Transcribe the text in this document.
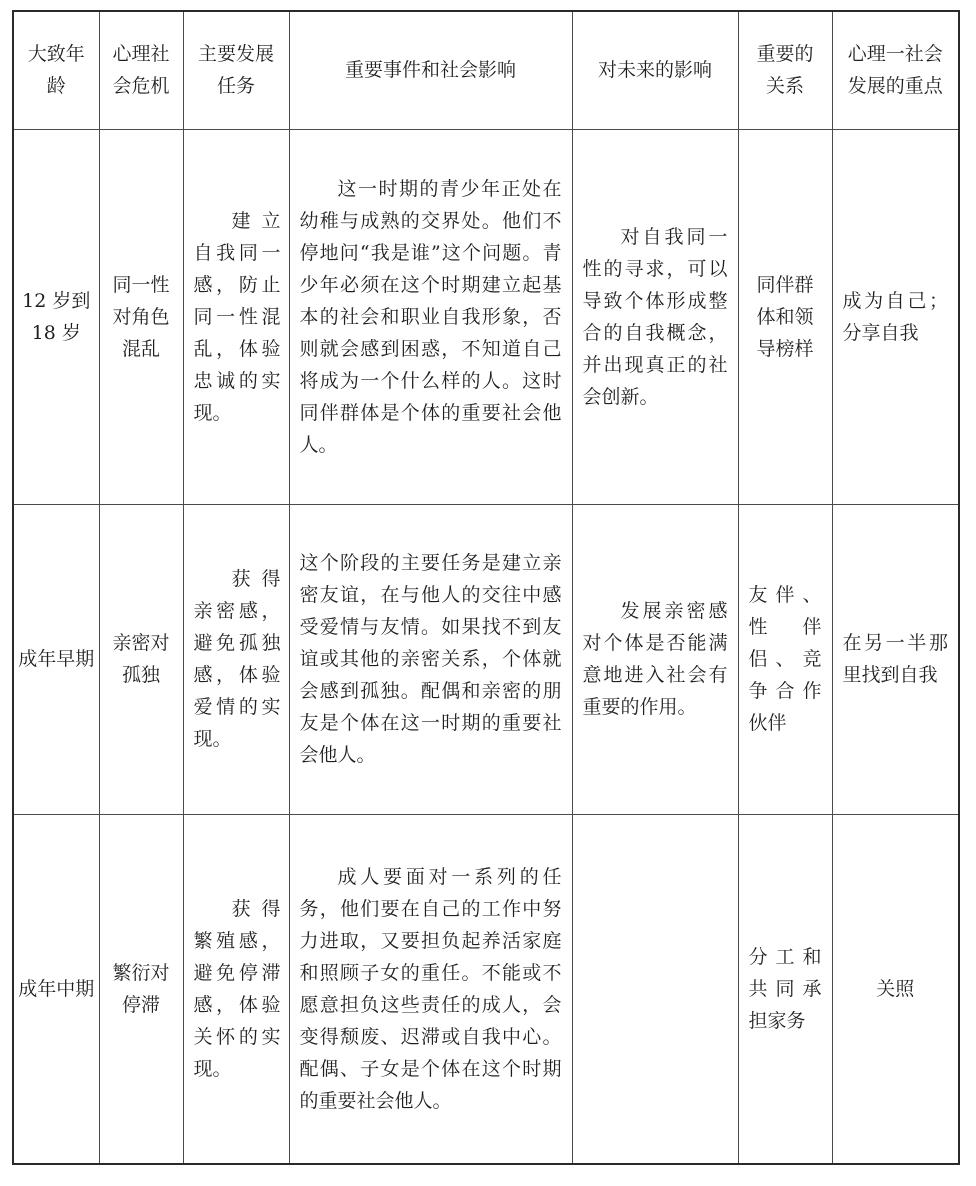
大致年龄	心理社会危机	主要发展任务	重要事件和社会影响	对未来的影响	重要的关系	心理一社会发展的重点

12 岁到18 岁	同一性对角色混乱	建立自我同一感，防止同一性混乱，体验忠诚的实现。	这一时期的青少年正处在幼稚与成熟的交界处。他们不停地问“我是谁”这个问题。青少年必须在这个时期建立起基本的社会和职业自我形象，否则就会感到困惑，不知道自己将成为一个什么样的人。这时同伴群体是个体的重要社会他人。	对自我同一性的寻求，可以导致个体形成整合的自我概念，并出现真正的社会创新。	同伴群体和领导榜样	成为自己；分享自我

成年早期	亲密对孤独	获得亲密感，避免孤独感，体验爱情的实现。	这个阶段的主要任务是建立亲密友谊，在与他人的交往中感受爱情与友情。如果找不到友谊或其他的亲密关系，个体就会感到孤独。配偶和亲密的朋友是个体在这一时期的重要社会他人。	发展亲密感对个体是否能满意地进入社会有重要的作用。	友伴、性伴侣、竞争合作伙伴	在另一半那里找到自我

成年中期	繁衍对停滞	获得繁殖感，避免停滞感，体验关怀的实现。	成人要面对一系列的任务，他们要在自己的工作中努力进取，又要担负起养活家庭和照顾子女的重任。不能或不愿意担负这些责任的成人，会变得颓废、迟滞或自我中心。配偶、子女是个体在这个时期的重要社会他人。		分工和共同承担家务	关照
